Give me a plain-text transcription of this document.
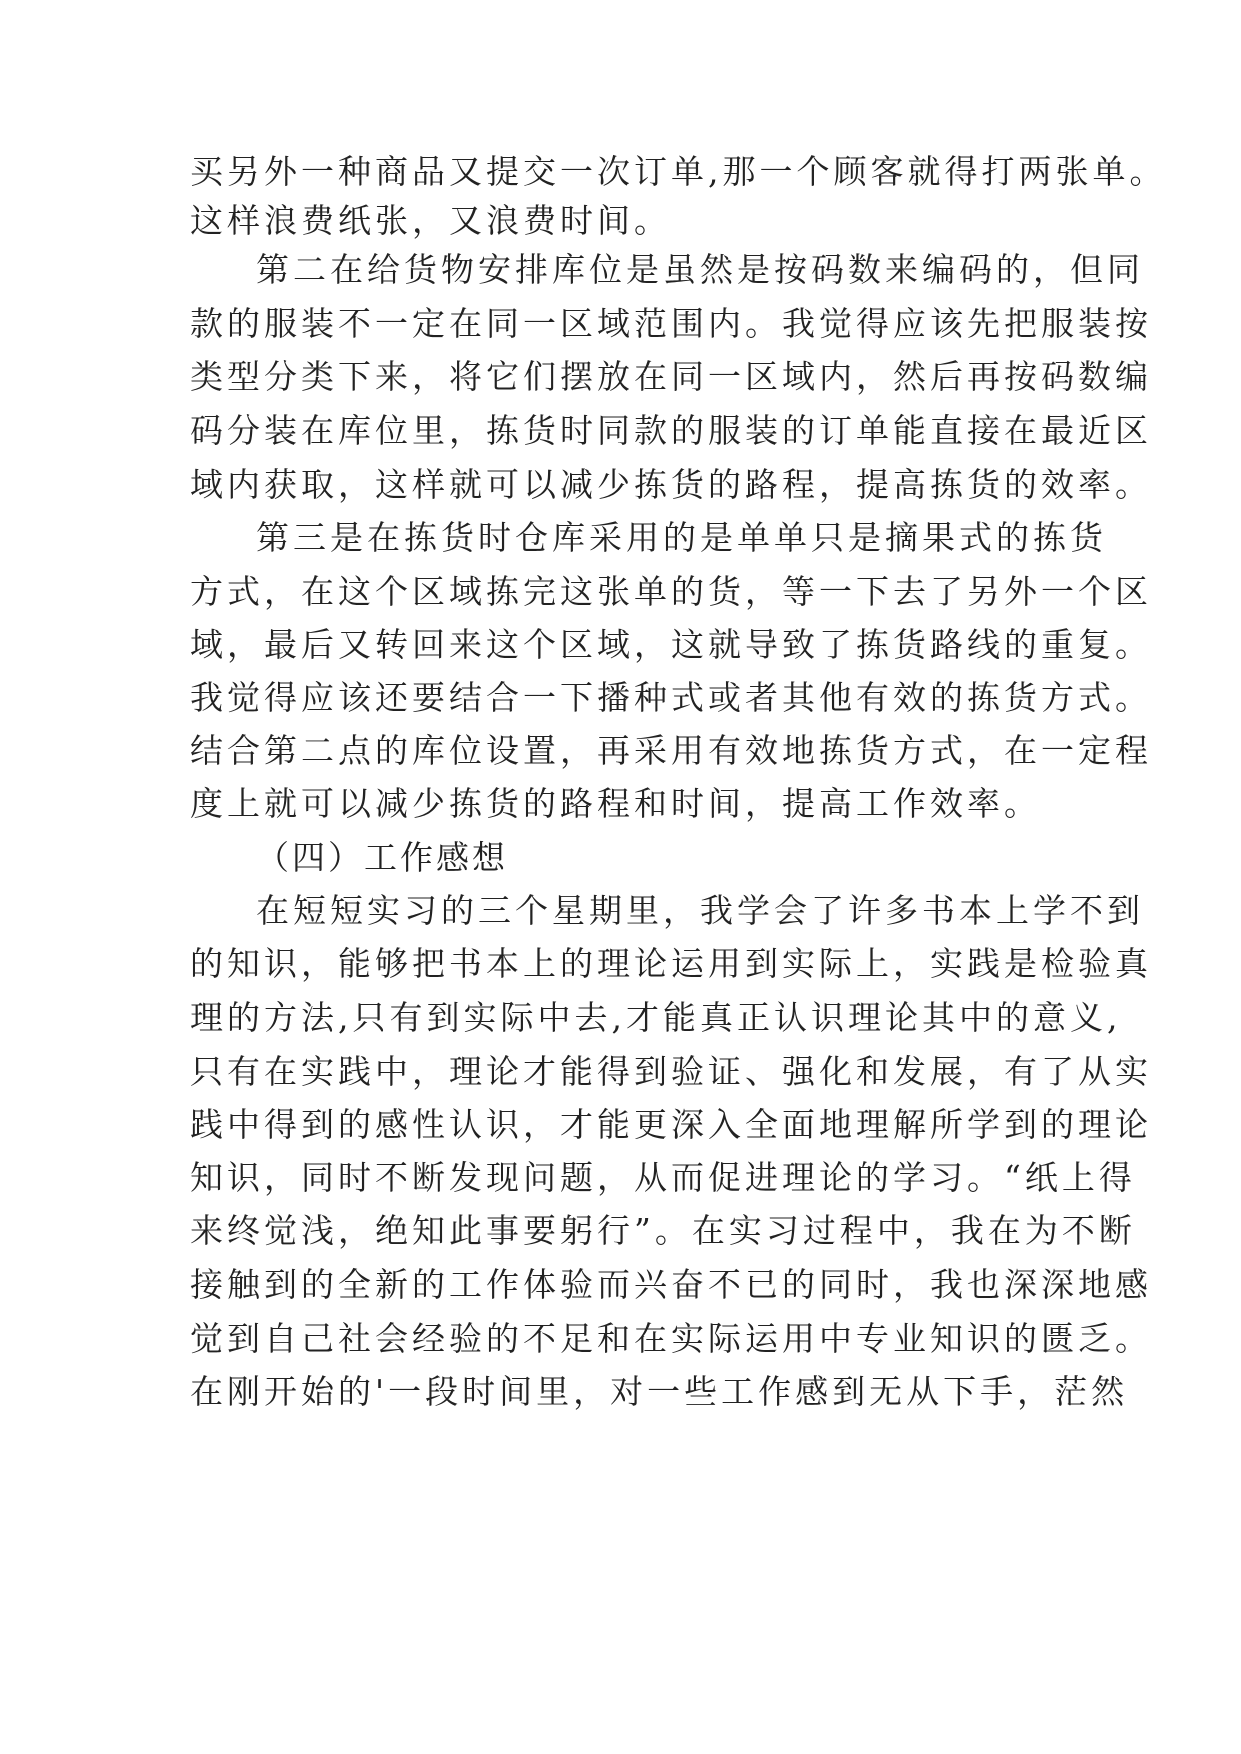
买另外一种商品又提交一次订单,那一个顾客就得打两张单。
这样浪费纸张，又浪费时间。
第二在给货物安排库位是虽然是按码数来编码的，但同
款的服装不一定在同一区域范围内。我觉得应该先把服装按
类型分类下来，将它们摆放在同一区域内，然后再按码数编
码分装在库位里，拣货时同款的服装的订单能直接在最近区
域内获取，这样就可以减少拣货的路程，提高拣货的效率。
第三是在拣货时仓库采用的是单单只是摘果式的拣货
方式，在这个区域拣完这张单的货，等一下去了另外一个区
域，最后又转回来这个区域，这就导致了拣货路线的重复。
我觉得应该还要结合一下播种式或者其他有效的拣货方式。
结合第二点的库位设置，再采用有效地拣货方式，在一定程
度上就可以减少拣货的路程和时间，提高工作效率。
（四）工作感想
在短短实习的三个星期里，我学会了许多书本上学不到
的知识，能够把书本上的理论运用到实际上，实践是检验真
理的方法,只有到实际中去,才能真正认识理论其中的意义,
只有在实践中，理论才能得到验证、强化和发展，有了从实
践中得到的感性认识，才能更深入全面地理解所学到的理论
知识，同时不断发现问题，从而促进理论的学习。“纸上得
来终觉浅，绝知此事要躬行”。在实习过程中，我在为不断
接触到的全新的工作体验而兴奋不已的同时，我也深深地感
觉到自己社会经验的不足和在实际运用中专业知识的匮乏。
在刚开始的'一段时间里，对一些工作感到无从下手，茫然
